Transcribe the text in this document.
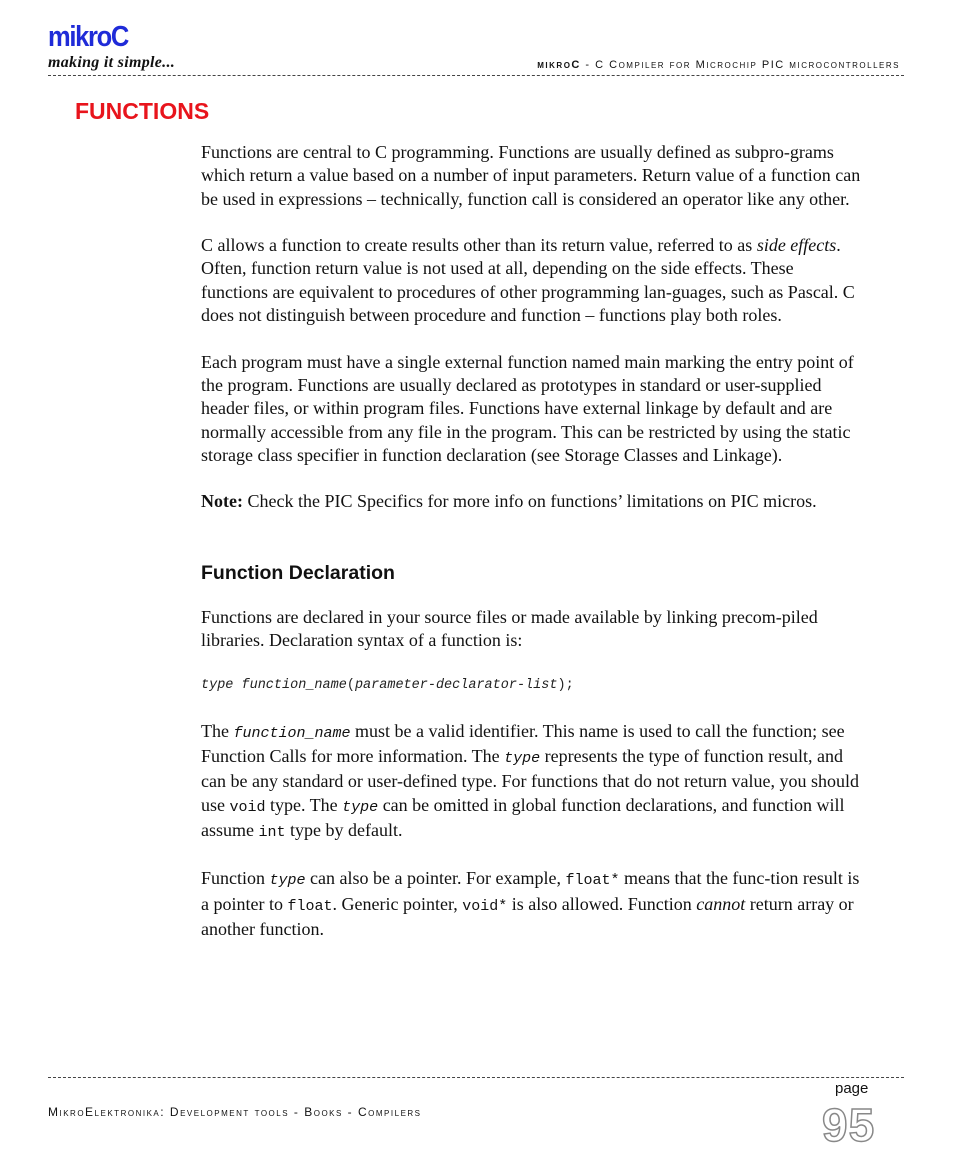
mikroC
making it simple...	mikroC - C Compiler for Microchip PIC microcontrollers
FUNCTIONS

Functions are central to C programming. Functions are usually defined as subpro-grams which return a value based on a number of input parameters. Return value of a function can be used in expressions – technically, function call is considered an operator like any other.

C allows a function to create results other than its return value, referred to as side effects. Often, function return value is not used at all, depending on the side effects. These functions are equivalent to procedures of other programming lan-guages, such as Pascal. C does not distinguish between procedure and function – functions play both roles.

Each program must have a single external function named main marking the entry point of the program. Functions are usually declared as prototypes in standard or user-supplied header files, or within program files. Functions have external linkage by default and are normally accessible from any file in the program. This can be restricted by using the static storage class specifier in function declaration (see Storage Classes and Linkage).

Note: Check the PIC Specifics for more info on functions’ limitations on PIC micros.

Function Declaration

Functions are declared in your source files or made available by linking precom-piled libraries. Declaration syntax of a function is:

type function_name(parameter-declarator-list);

The function_name must be a valid identifier. This name is used to call the function; see Function Calls for more information. The type represents the type of function result, and can be any standard or user-defined type. For functions that do not return value, you should use void type. The type can be omitted in global function declarations, and function will assume int type by default.

Function type can also be a pointer. For example, float* means that the func-tion result is a pointer to float. Generic pointer, void* is also allowed. Function cannot return array or another function.

MikroElektronika: Development tools - Books - Compilers
page
95
